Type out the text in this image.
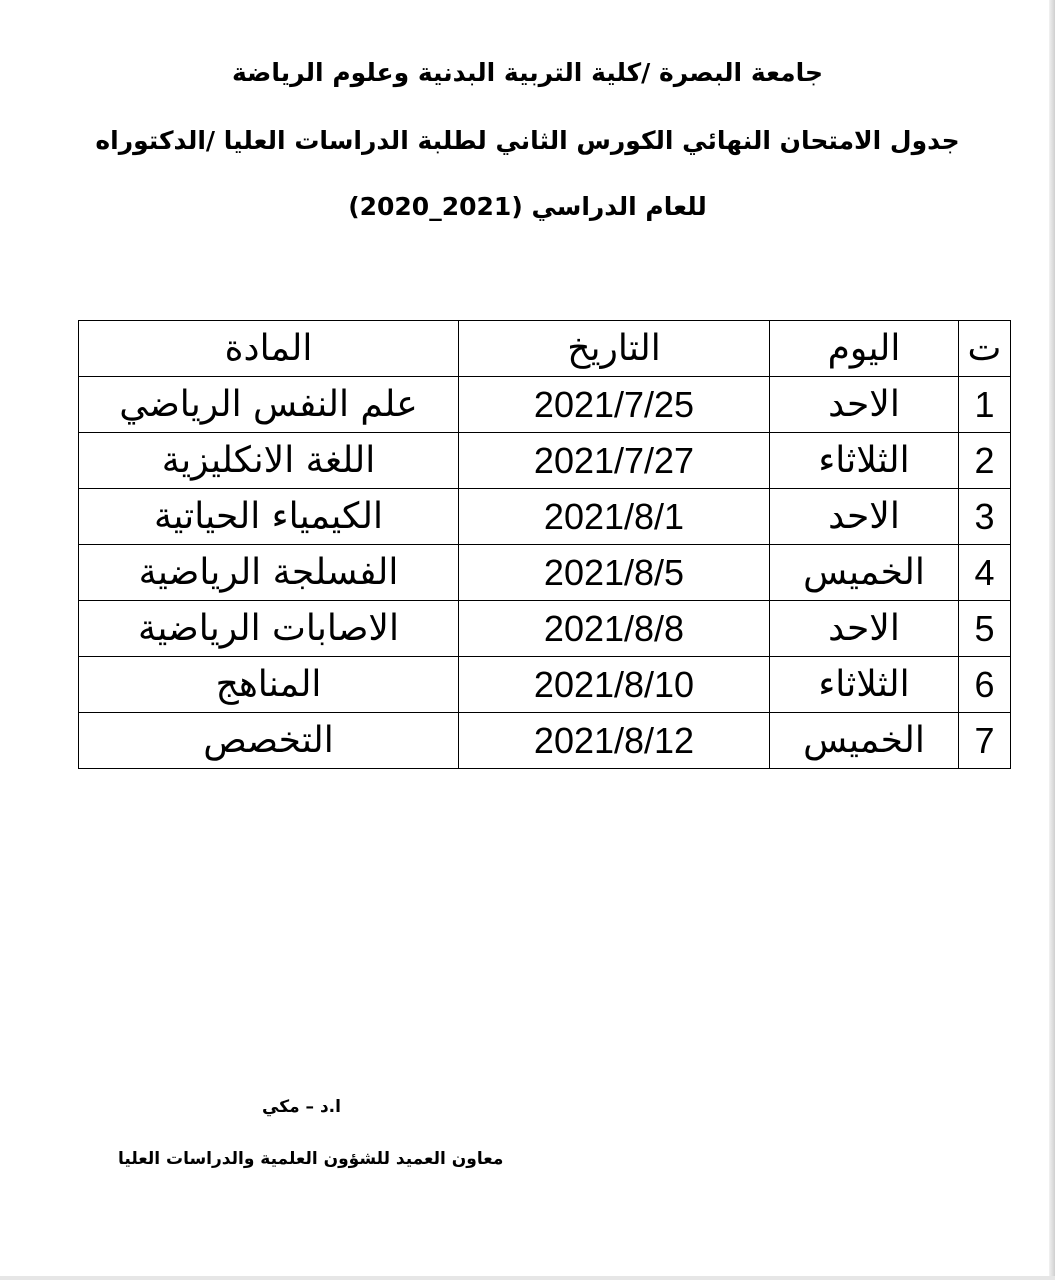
جامعة البصرة /كلية التربية البدنية وعلوم الرياضة
جدول الامتحان النهائي الكورس الثاني لطلبة الدراسات العليا /الدكتوراه
للعام الدراسي (2021_2020)
ت	اليوم	التاريخ	المادة
1	الاحد	2021/7/25	علم النفس الرياضي
2	الثلاثاء	2021/7/27	اللغة الانكليزية
3	الاحد	2021/8/1	الكيمياء الحياتية
4	الخميس	2021/8/5	الفسلجة الرياضية
5	الاحد	2021/8/8	الاصابات الرياضية
6	الثلاثاء	2021/8/10	المناهج
7	الخميس	2021/8/12	التخصص
ا.د – مكي
معاون العميد للشؤون العلمية والدراسات العليا
